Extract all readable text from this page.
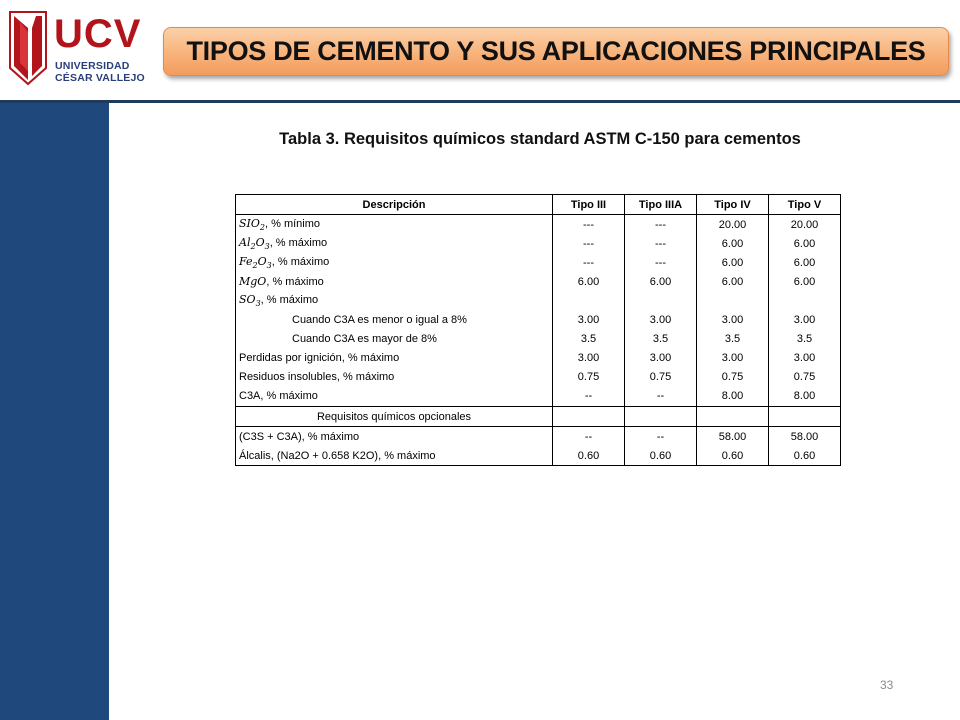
UCV
UNIVERSIDAD
CÉSAR VALLEJO
TIPOS DE CEMENTO Y SUS APLICACIONES PRINCIPALES
Tabla 3. Requisitos químicos standard ASTM C-150 para cementos
Descripción	Tipo III	Tipo IIIA	Tipo IV	Tipo V
$SIO_2$, % mínimo	---	---	20.00	20.00
$Al_2O_3$, % máximo	---	---	6.00	6.00
$Fe_2O_3$, % máximo	---	---	6.00	6.00
MgO, % máximo	6.00	6.00	6.00	6.00
$SO_3$, % máximo				
Cuando C3A es menor o igual a 8%	3.00	3.00	3.00	3.00
Cuando C3A es mayor de 8%	3.5	3.5	3.5	3.5
Perdidas por ignición, % máximo	3.00	3.00	3.00	3.00
Residuos insolubles, % máximo	0.75	0.75	0.75	0.75
C3A, % máximo	--	--	8.00	8.00
Requisitos químicos opcionales				
(C3S + C3A), % máximo	--	--	58.00	58.00
Álcalis, (Na2O + 0.658 K2O), % máximo	0.60	0.60	0.60	0.60
33
